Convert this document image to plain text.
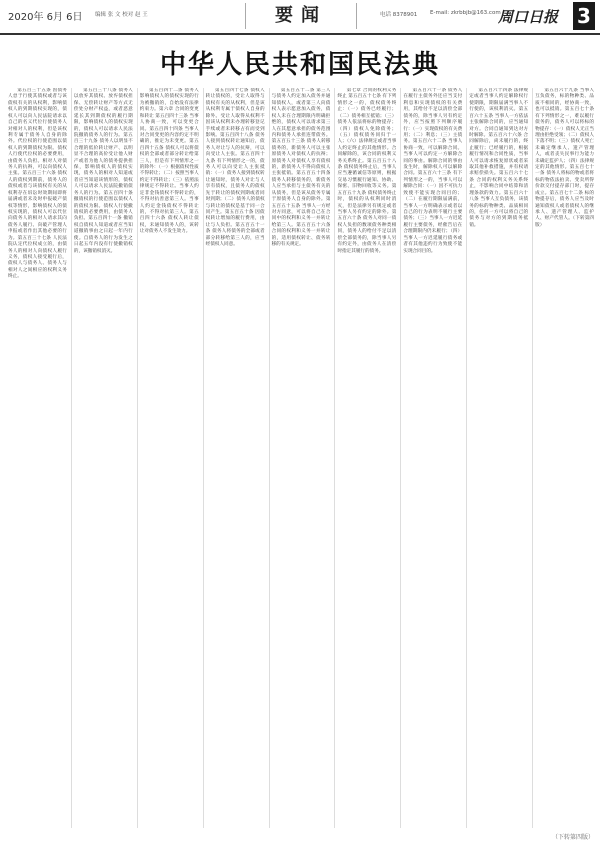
2020年 6月 6日 编辑 张 文 校对 赵 王	电话 8378901 E-mail: zkrbbjb@163.com
要闻	周口日报 3
中华人民共和国民法典

第五百三十五条 因债务人怠于行使其债权或者与该债权有关的从权利，影响债权人的到期债权实现的，债权人可以向人民法院请求以自己的名义代位行使债务人对相对人的权利，但是该权利专属于债务人自身的除外。代位权的行使范围以债权人的到期债权为限。债权人行使代位权的必要费用，由债务人负担。相对人对债务人的抗辩，可以向债权人主张。第五百三十六条 债权人的债权到期前，债务人的债权或者与该债权有关的从权利存在诉讼时效期间即将届满或者未及时申报破产债权等情形，影响债权人的债权实现的，债权人可以代位向债务人的相对人请求其向债务人履行、向破产管理人申报或者作出其他必要的行为。第五百三十七条 人民法院认定代位权成立的，由债务人的相对人向债权人履行义务，债权人接受履行后，债权人与债务人、债务人与相对人之间相应的权利义务终止。

第五百三十八条 债务人以放弃其债权、放弃债权担保、无偿转让财产等方式无偿处分财产权益，或者恶意延长其到期债权的履行期限，影响债权人的债权实现的，债权人可以请求人民法院撤销债务人的行为。第五百三十九条 债务人以明显不合理的低价转让财产、以明显不合理的高价受让他人财产或者为他人的债务提供担保，影响债权人的债权实现，债务人的相对人知道或者应当知道该情形的，债权人可以请求人民法院撤销债务人的行为。第五百四十条 撤销权的行使范围以债权人的债权为限。债权人行使撤销权的必要费用，由债务人负担。第五百四十一条 撤销权自债权人知道或者应当知道撤销事由之日起一年内行使。自债务人的行为发生之日起五年内没有行使撤销权的，该撤销权消灭。

第五百四十二条 债务人影响债权人的债权实现的行为被撤销的，自始没有法律约束力。第六章 合同的变更和转让 第五百四十三条 当事人协商一致，可以变更合同。第五百四十四条 当事人对合同变更的内容约定不明确的，推定为未变更。第五百四十五条 债权人可以将债权的全部或者部分转让给第三人，但是有下列情形之一的除外：（一）根据债权性质不得转让；（二）按照当事人约定不得转让；（三）依照法律规定不得转让。当事人约定非金钱债权不得转让的，不得对抗善意第三人。当事人约定金钱债权不得转让的，不得对抗第三人。第五百四十六条 债权人转让债权，未通知债务人的，该转让对债务人不发生效力。

第五百四十七条 债权人转让债权的，受让人取得与债权有关的从权利，但是该从权利专属于债权人自身的除外。受让人取得从权利不因该从权利未办理转移登记手续或者未转移占有而受到影响。第五百四十八条 债务人接到债权转让通知后，债务人对让与人的抗辩，可以向受让人主张。第五百四十九条 有下列情形之一的，债务人可以向受让人主张抵销：（一）债务人接到债权转让通知时，债务人对让与人享有债权，且债务人的债权先于转让的债权到期或者同时到期；（二）债务人的债权与转让的债权是基于同一合同产生。第五百五十条 因债权转让增加的履行费用，由让与人负担。第五百五十一条 债务人将债务的全部或者部分转移给第三人的，应当经债权人同意。

第五百五十二条 第三人与债务人约定加入债务并通知债权人，或者第三人向债权人表示愿意加入债务，债权人未在合理期限内明确拒绝的，债权人可以请求第三人在其愿意承担的债务范围内和债务人承担连带债务。第五百五十三条 债务人转移债务的，新债务人可以主张原债务人对债权人的抗辩；原债务人对债权人享有债权的，新债务人不得向债权人主张抵销。第五百五十四条 债务人转移债务的，新债务人应当承担与主债务有关的从债务，但是该从债务专属于原债务人自身的除外。第五百五十五条 当事人一方经对方同意，可以将自己在合同中的权利和义务一并转让给第三人。第五百五十六条 合同的权利和义务一并转让的，适用债权转让、债务转移的有关规定。

第七章 合同的权利义务终止 第五百五十七条 有下列情形之一的，债权债务终止：（一）债务已经履行；（二）债务相互抵销；（三）债务人依法将标的物提存；（四）债权人免除债务；（五）债权债务同归于一人；（六）法律规定或者当事人约定终止的其他情形。合同解除的，该合同的权利义务关系终止。第五百五十八条 债权债务终止后，当事人应当遵循诚信等原则，根据交易习惯履行通知、协助、保密、旧物回收等义务。第五百五十九条 债权债务终止时，债权的从权利同时消灭，但是法律另有规定或者当事人另有约定的除外。第五百六十条 债务人对同一债权人负担的数项债务种类相同，债务人的给付不足以清偿全部债务的，除当事人另有约定外，由债务人在清偿时指定其履行的债务。

第五百六十一条 债务人在履行主债务外还应当支付利息和实现债权的有关费用，其给付不足以清偿全部债务的，除当事人另有约定外，应当按照下列顺序履行：（一）实现债权的有关费用；（二）利息；（三）主债务。第五百六十二条 当事人协商一致，可以解除合同。当事人可以约定一方解除合同的事由。解除合同的事由发生时，解除权人可以解除合同。第五百六十三条 有下列情形之一的，当事人可以解除合同：（一）因不可抗力致使不能实现合同目的；（二）在履行期限届满前，当事人一方明确表示或者以自己的行为表明不履行主要债务；（三）当事人一方迟延履行主要债务，经催告后在合理期限内仍未履行；（四）当事人一方迟延履行债务或者有其他违约行为致使不能实现合同目的。

第五百六十四条 法律规定或者当事人约定解除权行使期限，期限届满当事人不行使的，该权利消灭。第五百六十五条 当事人一方依法主张解除合同的，应当通知对方。合同自通知到达对方时解除。第五百六十六条 合同解除后，尚未履行的，终止履行；已经履行的，根据履行情况和合同性质，当事人可以请求恢复原状或者采取其他补救措施，并有权请求赔偿损失。第五百六十七条 合同的权利义务关系终止，不影响合同中结算和清理条款的效力。第五百六十八条 当事人互负债务，该债务的标的物种类、品质相同的，任何一方可以将自己的债务与对方的到期债务抵销。

第五百六十九条 当事人互负债务，标的物种类、品质不相同的，经协商一致，也可以抵销。第五百七十条 有下列情形之一，难以履行债务的，债务人可以将标的物提存：（一）债权人无正当理由拒绝受领；（二）债权人下落不明；（三）债权人死亡未确定继承人、遗产管理人，或者丧失民事行为能力未确定监护人；（四）法律规定的其他情形。第五百七十一条 债务人将标的物或者将标的物依法拍卖、变卖所得价款交付提存部门时，提存成立。第五百七十二条 标的物提存后，债务人应当及时通知债权人或者债权人的继承人、遗产管理人、监护人、财产代管人。（下转第四版）

（下转第四版）
